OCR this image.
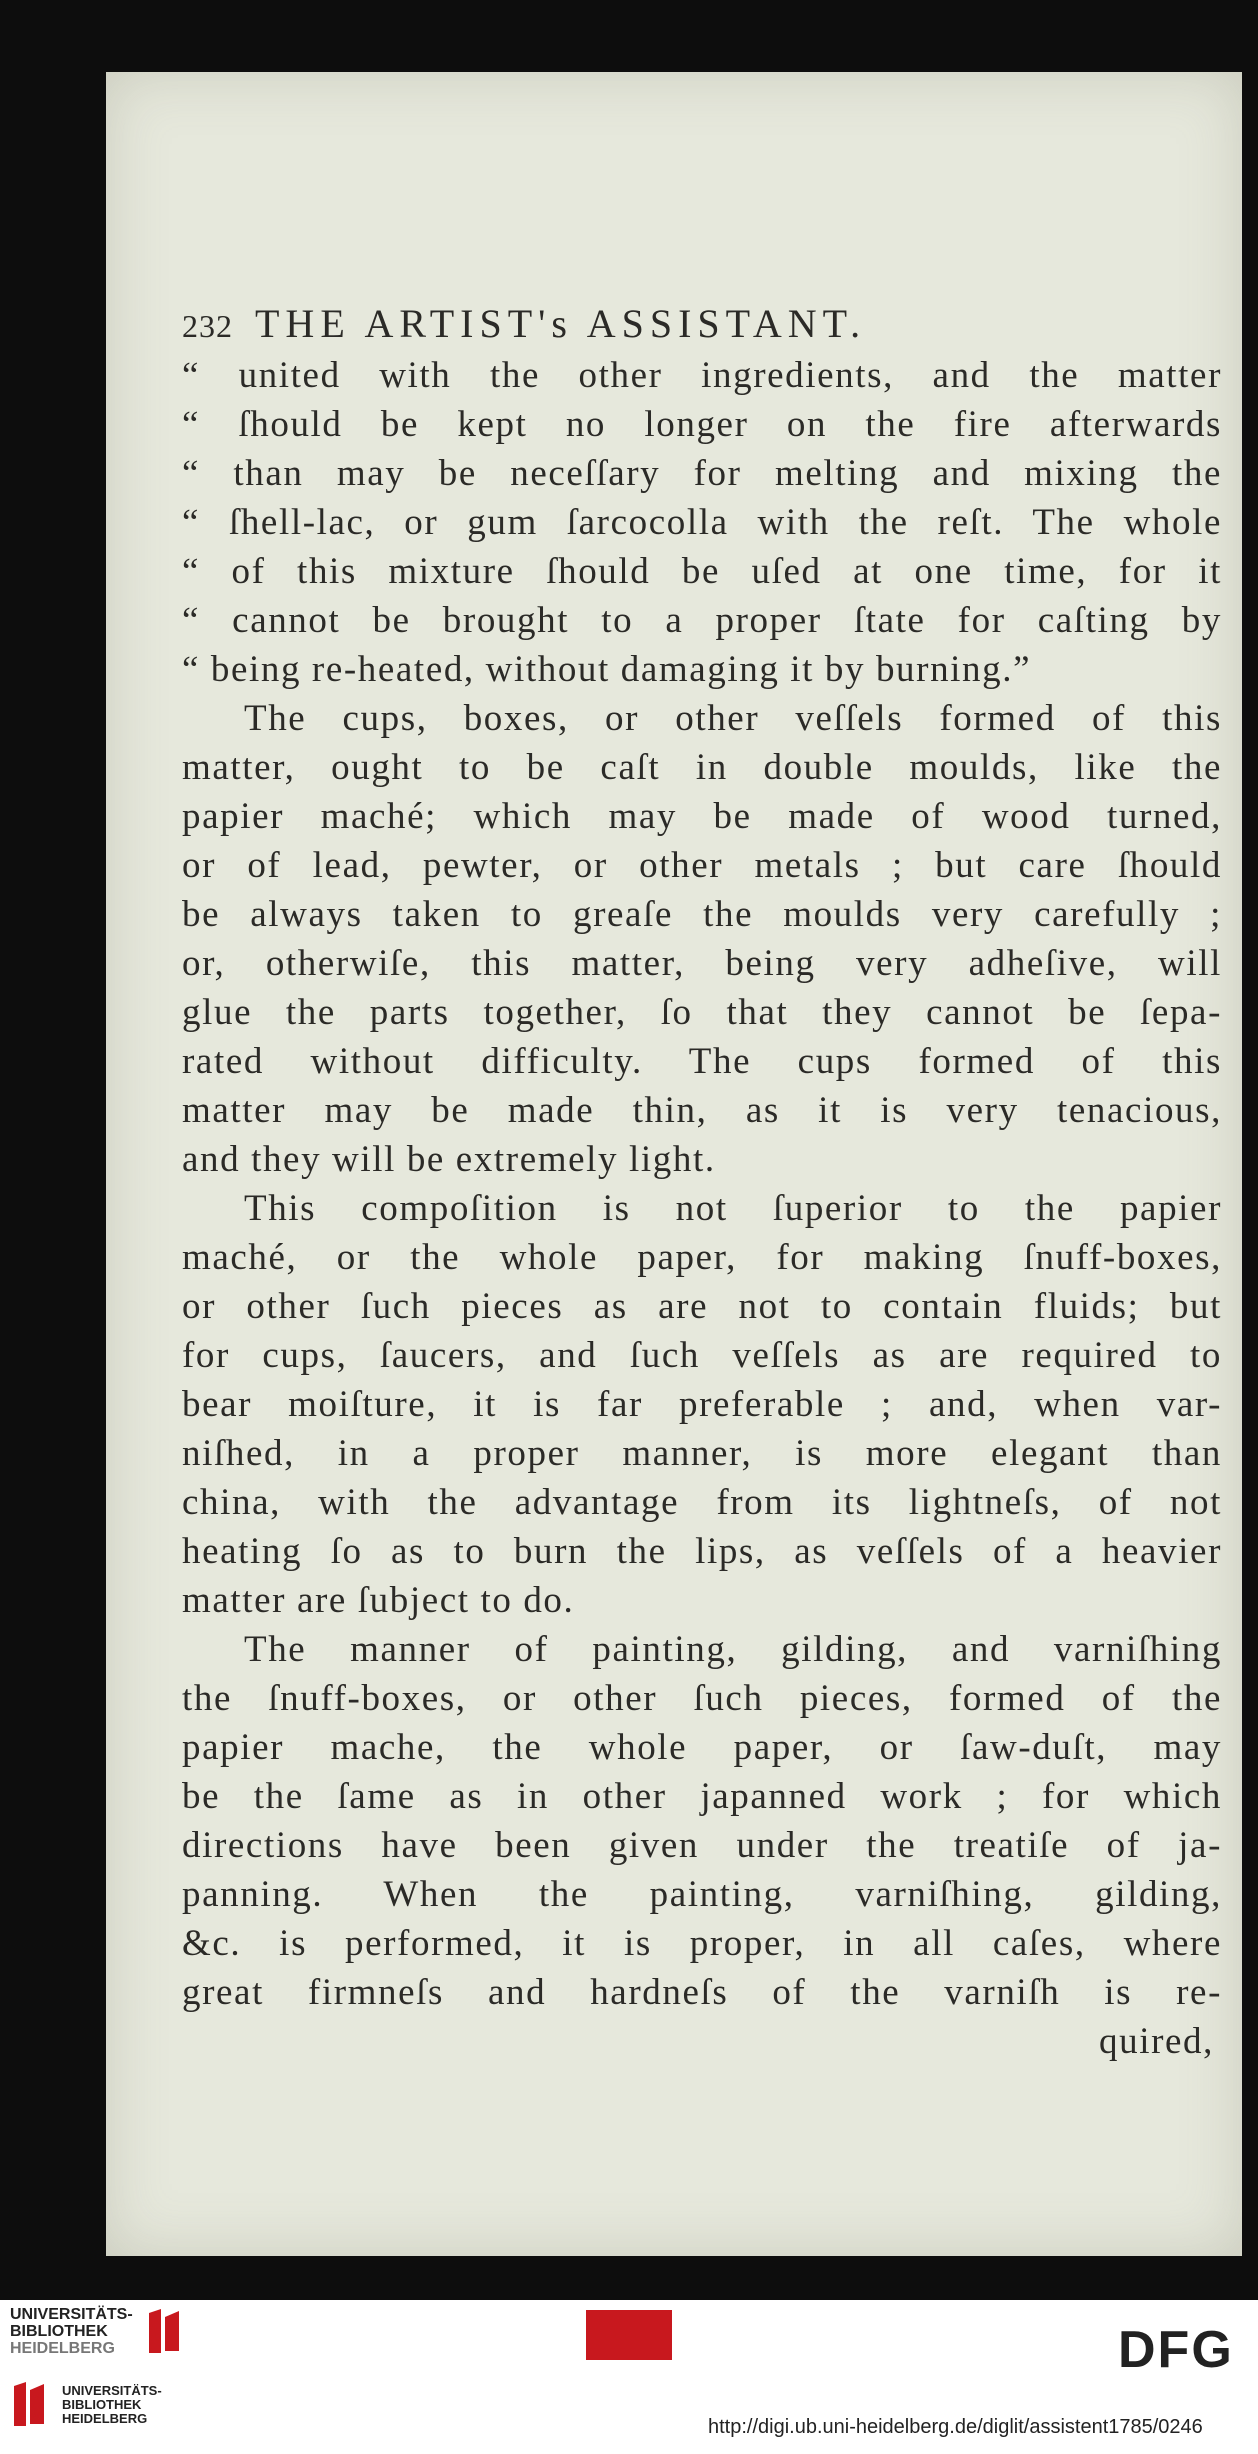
232 THE ARTIST's ASSISTANT.
“ united with the other ingredients, and the matter
“ ſhould be kept no longer on the fire afterwards
“ than may be neceſſary for melting and mixing the
“ ſhell-lac, or gum ſarcocolla with the reſt. The whole
“ of this mixture ſhould be uſed at one time, for it
“ cannot be brought to a proper ſtate for caſting by
“ being re-heated, without damaging it by burning.”
The cups, boxes, or other veſſels formed of this
matter, ought to be caſt in double moulds, like the
papier maché; which may be made of wood turned,
or of lead, pewter, or other metals ; but care ſhould
be always taken to greaſe the moulds very carefully ;
or, otherwiſe, this matter, being very adheſive, will
glue the parts together, ſo that they cannot be ſepa-
rated without difficulty. The cups formed of this
matter may be made thin, as it is very tenacious,
and they will be extremely light.
This compoſition is not ſuperior to the papier
maché, or the whole paper, for making ſnuff-boxes,
or other ſuch pieces as are not to contain fluids; but
for cups, ſaucers, and ſuch veſſels as are required to
bear moiſture, it is far preferable ; and, when var-
niſhed, in a proper manner, is more elegant than
china, with the advantage from its lightneſs, of not
heating ſo as to burn the lips, as veſſels of a heavier
matter are ſubject to do.
The manner of painting, gilding, and varniſhing
the ſnuff-boxes, or other ſuch pieces, formed of the
papier mache, the whole paper, or ſaw-duſt, may
be the ſame as in other japanned work ; for which
directions have been given under the treatiſe of ja-
panning. When the painting, varniſhing, gilding,
&c. is performed, it is proper, in all caſes, where
great firmneſs and hardneſs of the varniſh is re-
quired,
UNIVERSITÄTS-
BIBLIOTHEK
HEIDELBERG
UNIVERSITÄTS-
BIBLIOTHEK
HEIDELBERG
DFG
http://digi.ub.uni-heidelberg.de/diglit/assistent1785/0246
